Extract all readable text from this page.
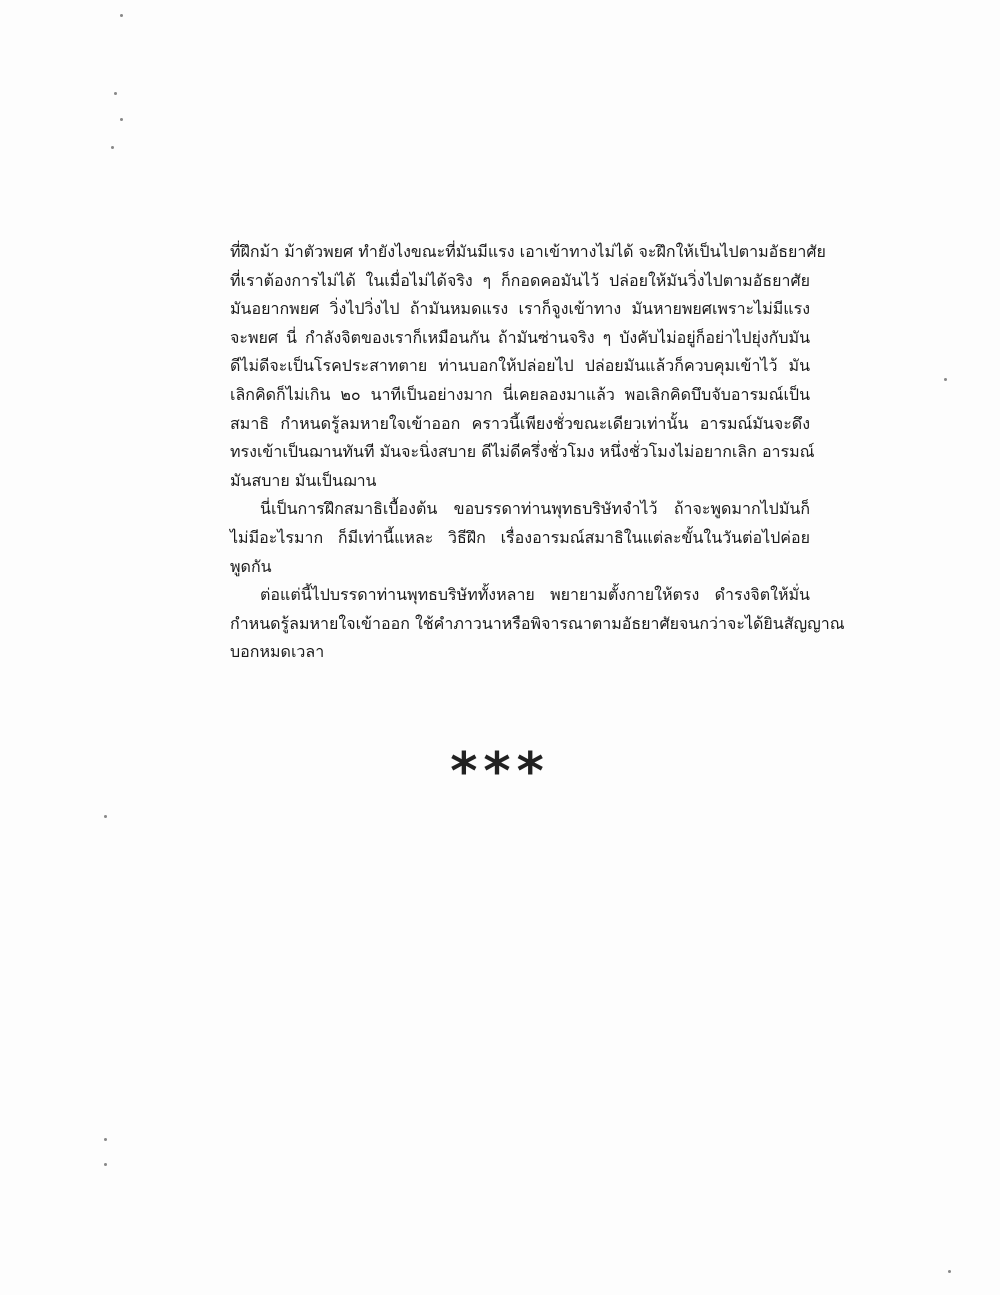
ที่ฝึกม้า ม้าตัวพยศ ทำยังไงขณะที่มันมีแรง เอาเข้าทางไม่ได้ จะฝึกให้เป็นไปตามอัธยาศัย
ที่เราต้องการไม่ได้ ในเมื่อไม่ได้จริง ๆ ก็กอดคอมันไว้ ปล่อยให้มันวิ่งไปตามอัธยาศัย
มันอยากพยศ วิ่งไปวิ่งไป ถ้ามันหมดแรง เราก็จูงเข้าทาง มันหายพยศเพราะไม่มีแรง
จะพยศ นี่ กำลังจิตของเราก็เหมือนกัน ถ้ามันซ่านจริง ๆ บังคับไม่อยู่ก็อย่าไปยุ่งกับมัน
ดีไม่ดีจะเป็นโรคประสาทตาย ท่านบอกให้ปล่อยไป ปล่อยมันแล้วก็ควบคุมเข้าไว้ มัน
เลิกคิดก็ไม่เกิน ๒๐ นาทีเป็นอย่างมาก นี่เคยลองมาแล้ว พอเลิกคิดบึบจับอารมณ์เป็น
สมาธิ กำหนดรู้ลมหายใจเข้าออก คราวนี้เพียงชั่วขณะเดียวเท่านั้น อารมณ์มันจะดึง
ทรงเข้าเป็นฌานทันที มันจะนิ่งสบาย ดีไม่ดีครึ่งชั่วโมง หนึ่งชั่วโมงไม่อยากเลิก อารมณ์
มันสบาย มันเป็นฌาน
นี่เป็นการฝึกสมาธิเบื้องต้น ขอบรรดาท่านพุทธบริษัทจำไว้ ถ้าจะพูดมากไปมันก็
ไม่มีอะไรมาก ก็มีเท่านี้แหละ วิธีฝึก เรื่องอารมณ์สมาธิในแต่ละขั้นในวันต่อไปค่อย
พูดกัน
ต่อแต่นี้ไปบรรดาท่านพุทธบริษัททั้งหลาย พยายามตั้งกายให้ตรง ดำรงจิตให้มั่น
กำหนดรู้ลมหายใจเข้าออก ใช้คำภาวนาหรือพิจารณาตามอัธยาศัยจนกว่าจะได้ยินสัญญาณ
บอกหมดเวลา
***
